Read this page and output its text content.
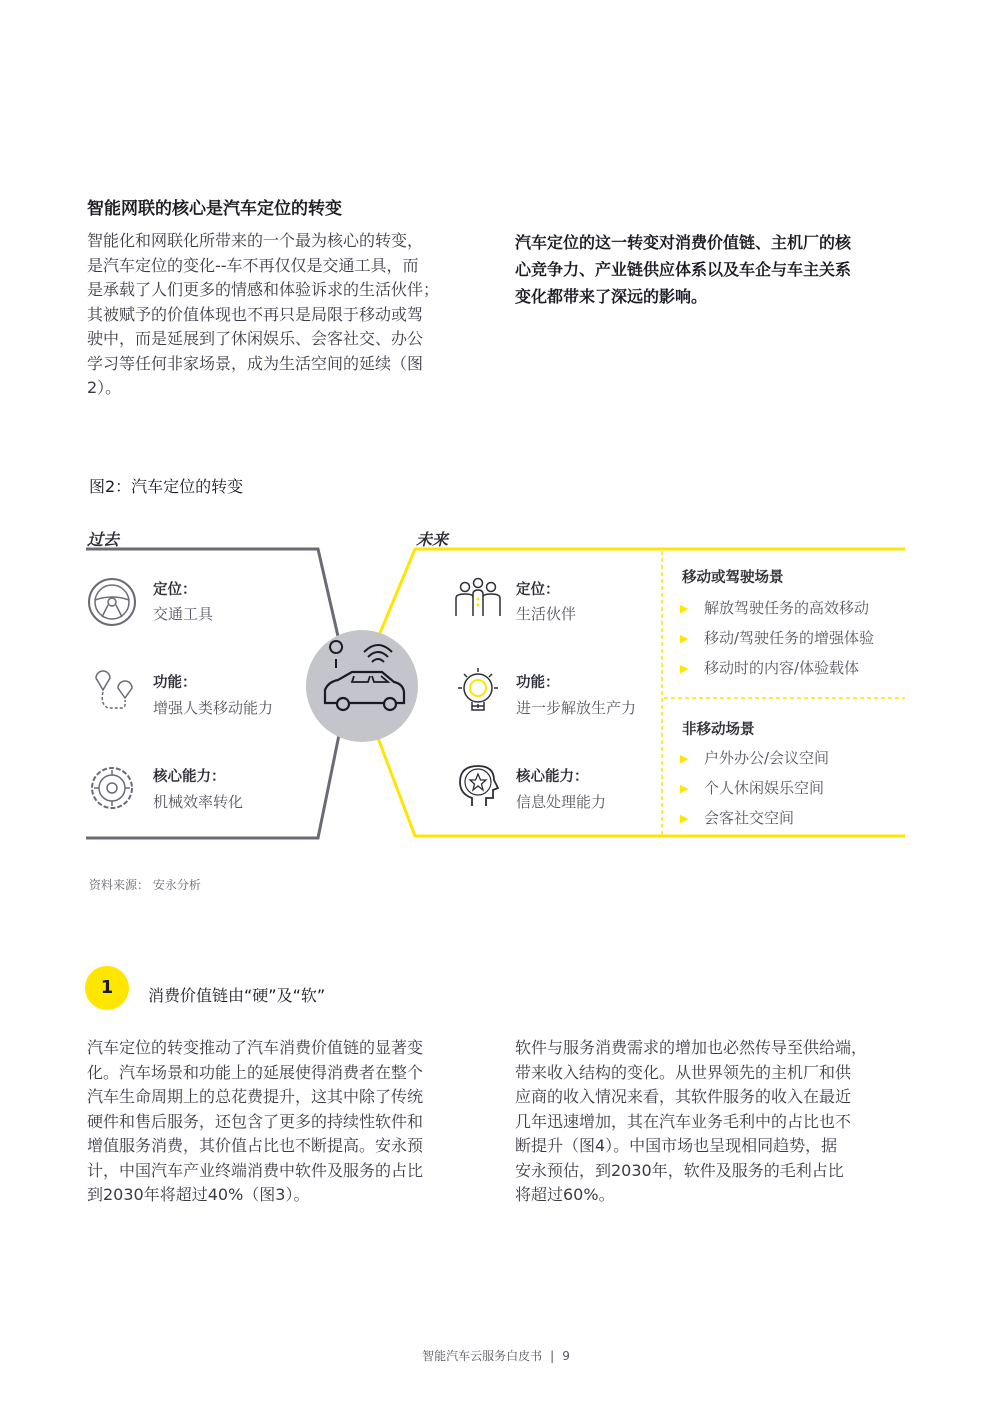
智能网联的核心是汽车定位的转变
智能化和网联化所带来的一个最为核心的转变，
是汽车定位的变化--车不再仅仅是交通工具，而
是承载了人们更多的情感和体验诉求的生活伙伴；
其被赋予的价值体现也不再只是局限于移动或驾
驶中，而是延展到了休闲娱乐、会客社交、办公
学习等任何非家场景，成为生活空间的延续（图
2）。
汽车定位的这一转变对消费价值链、主机厂的核
心竞争力、产业链供应体系以及车企与车主关系
变化都带来了深远的影响。
图2：汽车定位的转变
过去	未来
定位：
交通工具
功能：
增强人类移动能力
核心能力：
机械效率转化
定位：
生活伙伴
功能：
进一步解放生产力
核心能力：
信息处理能力
移动或驾驶场景
▶ 解放驾驶任务的高效移动
▶ 移动/驾驶任务的增强体验
▶ 移动时的内容/体验载体
非移动场景
▶ 户外办公/会议空间
▶ 个人休闲娱乐空间
▶ 会客社交空间
资料来源： 安永分析
1	消费价值链由“硬”及“软”
汽车定位的转变推动了汽车消费价值链的显著变
化。汽车场景和功能上的延展使得消费者在整个
汽车生命周期上的总花费提升，这其中除了传统
硬件和售后服务，还包含了更多的持续性软件和
增值服务消费，其价值占比也不断提高。安永预
计，中国汽车产业终端消费中软件及服务的占比
到2030年将超过40%（图3）。
软件与服务消费需求的增加也必然传导至供给端，
带来收入结构的变化。从世界领先的主机厂和供
应商的收入情况来看，其软件服务的收入在最近
几年迅速增加，其在汽车业务毛利中的占比也不
断提升（图4）。中国市场也呈现相同趋势，据
安永预估，到2030年，软件及服务的毛利占比
将超过60%。
智能汽车云服务白皮书 | 9
